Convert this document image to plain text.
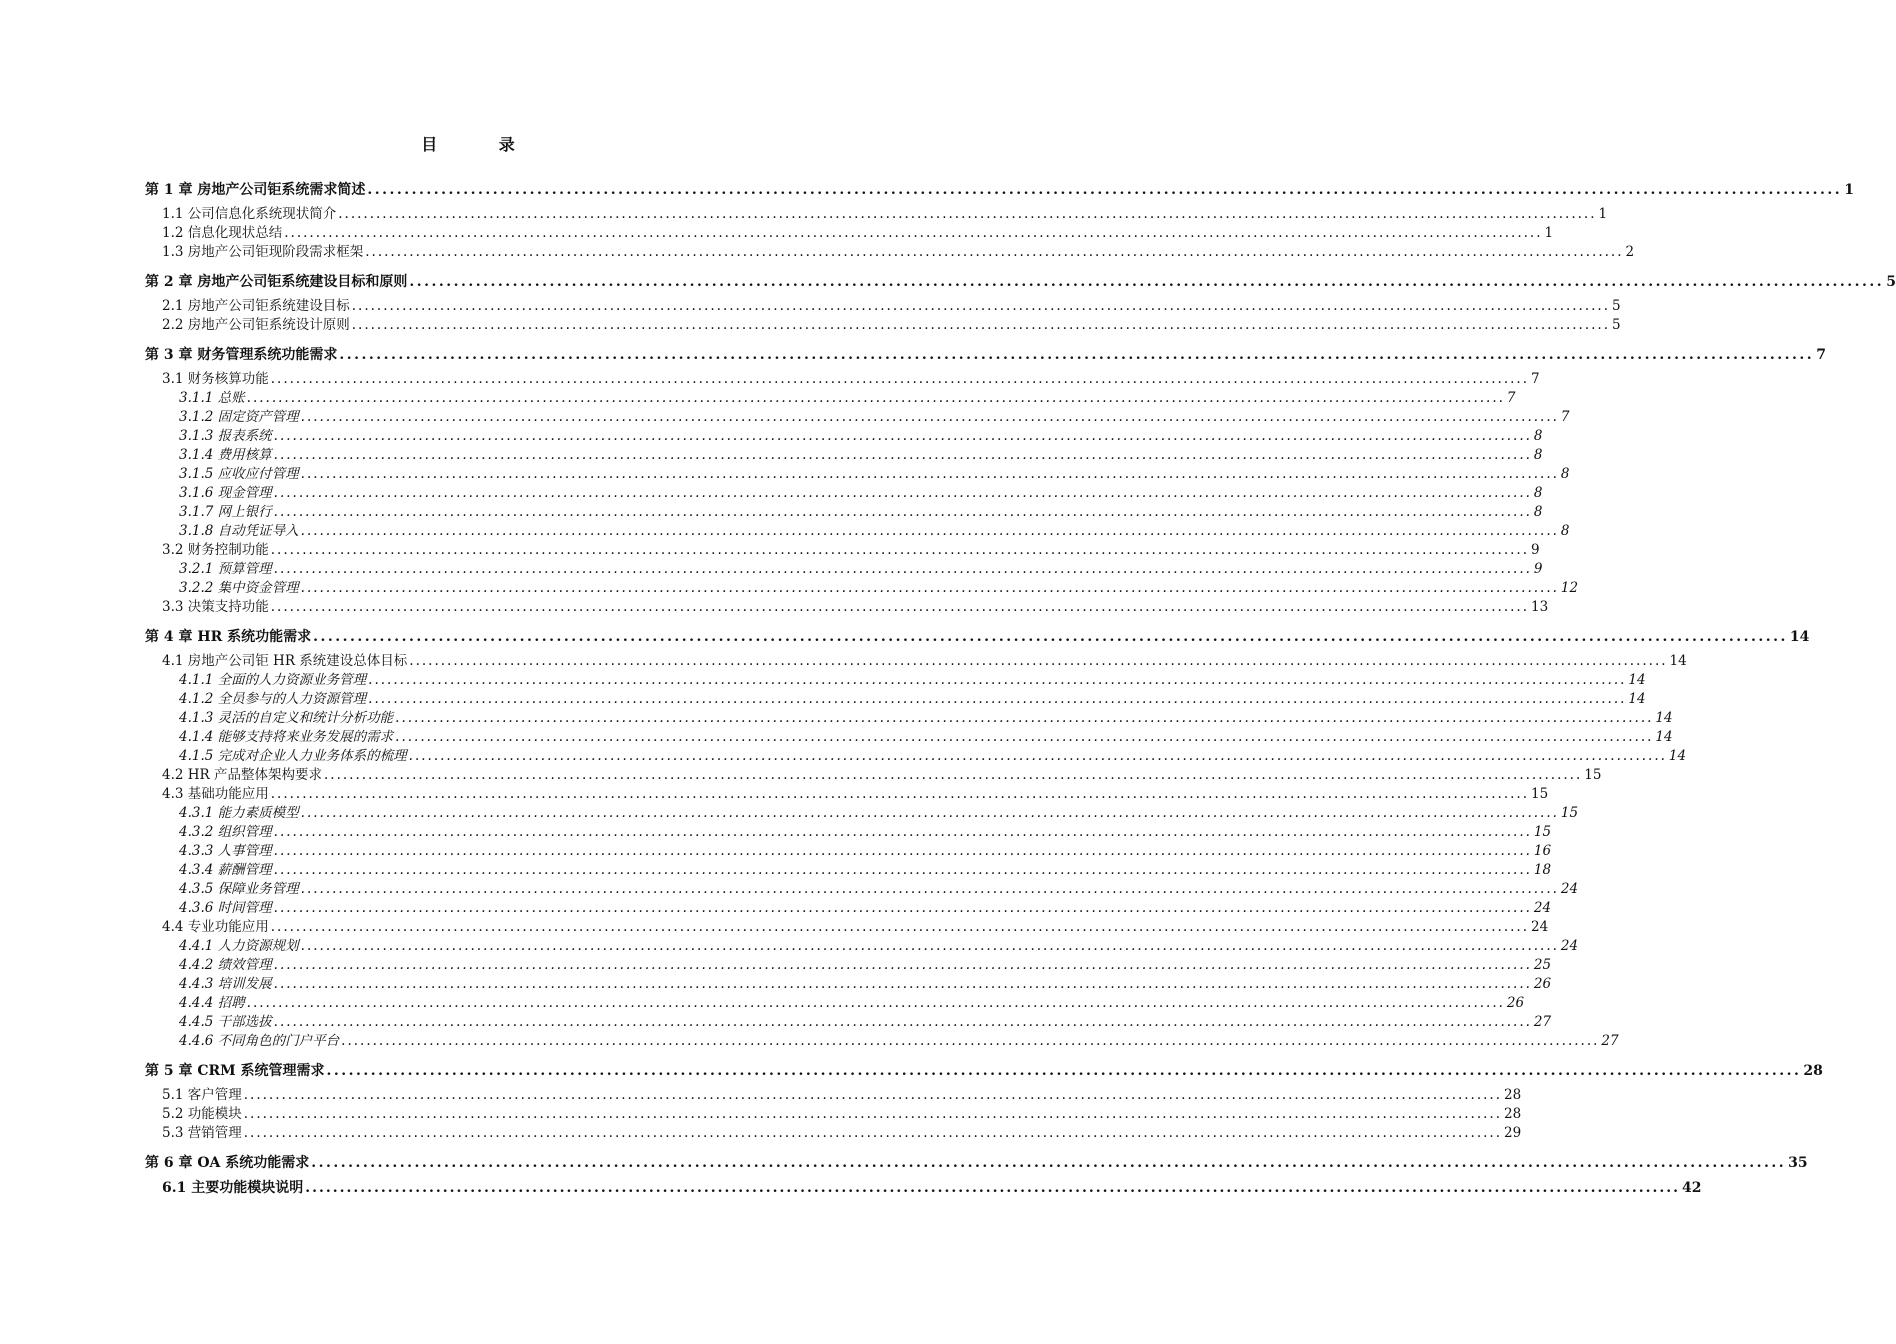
目 录
第 1 章 房地产公司钜系统需求简述 ........................................................................................................................................................................................................ 1
1.1 公司信息化系统现状简介 ........................................................................................................................................................................................................ 1
1.2 信息化现状总结 ........................................................................................................................................................................................................ 1
1.3 房地产公司钜现阶段需求框架 ........................................................................................................................................................................................................ 2
第 2 章 房地产公司钜系统建设目标和原则 ........................................................................................................................................................................................................ 5
2.1 房地产公司钜系统建设目标 ........................................................................................................................................................................................................ 5
2.2 房地产公司钜系统设计原则 ........................................................................................................................................................................................................ 5
第 3 章 财务管理系统功能需求 ........................................................................................................................................................................................................ 7
3.1 财务核算功能 ........................................................................................................................................................................................................ 7
3.1.1 总账 ........................................................................................................................................................................................................ 7
3.1.2 固定资产管理 ........................................................................................................................................................................................................ 7
3.1.3 报表系统 ........................................................................................................................................................................................................ 8
3.1.4 费用核算 ........................................................................................................................................................................................................ 8
3.1.5 应收应付管理 ........................................................................................................................................................................................................ 8
3.1.6 现金管理 ........................................................................................................................................................................................................ 8
3.1.7 网上银行 ........................................................................................................................................................................................................ 8
3.1.8 自动凭证导入 ........................................................................................................................................................................................................ 8
3.2 财务控制功能 ........................................................................................................................................................................................................ 9
3.2.1 预算管理 ........................................................................................................................................................................................................ 9
3.2.2 集中资金管理 ........................................................................................................................................................................................................ 12
3.3 决策支持功能 ........................................................................................................................................................................................................ 13
第 4 章 HR 系统功能需求 ........................................................................................................................................................................................................ 14
4.1 房地产公司钜 HR 系统建设总体目标 ........................................................................................................................................................................................................ 14
4.1.1 全面的人力资源业务管理 ........................................................................................................................................................................................................ 14
4.1.2 全员参与的人力资源管理 ........................................................................................................................................................................................................ 14
4.1.3 灵活的自定义和统计分析功能 ........................................................................................................................................................................................................ 14
4.1.4 能够支持将来业务发展的需求 ........................................................................................................................................................................................................ 14
4.1.5 完成对企业人力业务体系的梳理 ........................................................................................................................................................................................................ 14
4.2 HR 产品整体架构要求 ........................................................................................................................................................................................................ 15
4.3 基础功能应用 ........................................................................................................................................................................................................ 15
4.3.1 能力素质模型 ........................................................................................................................................................................................................ 15
4.3.2 组织管理 ........................................................................................................................................................................................................ 15
4.3.3 人事管理 ........................................................................................................................................................................................................ 16
4.3.4 薪酬管理 ........................................................................................................................................................................................................ 18
4.3.5 保障业务管理 ........................................................................................................................................................................................................ 24
4.3.6 时间管理 ........................................................................................................................................................................................................ 24
4.4 专业功能应用 ........................................................................................................................................................................................................ 24
4.4.1 人力资源规划 ........................................................................................................................................................................................................ 24
4.4.2 绩效管理 ........................................................................................................................................................................................................ 25
4.4.3 培训发展 ........................................................................................................................................................................................................ 26
4.4.4 招聘 ........................................................................................................................................................................................................ 26
4.4.5 干部选拔 ........................................................................................................................................................................................................ 27
4.4.6 不同角色的门户平台 ........................................................................................................................................................................................................ 27
第 5 章 CRM 系统管理需求 ........................................................................................................................................................................................................ 28
5.1 客户管理 ........................................................................................................................................................................................................ 28
5.2 功能模块 ........................................................................................................................................................................................................ 28
5.3 营销管理 ........................................................................................................................................................................................................ 29
第 6 章 OA 系统功能需求 ........................................................................................................................................................................................................ 35
6.1 主要功能模块说明 ........................................................................................................................................................................................................ 42
